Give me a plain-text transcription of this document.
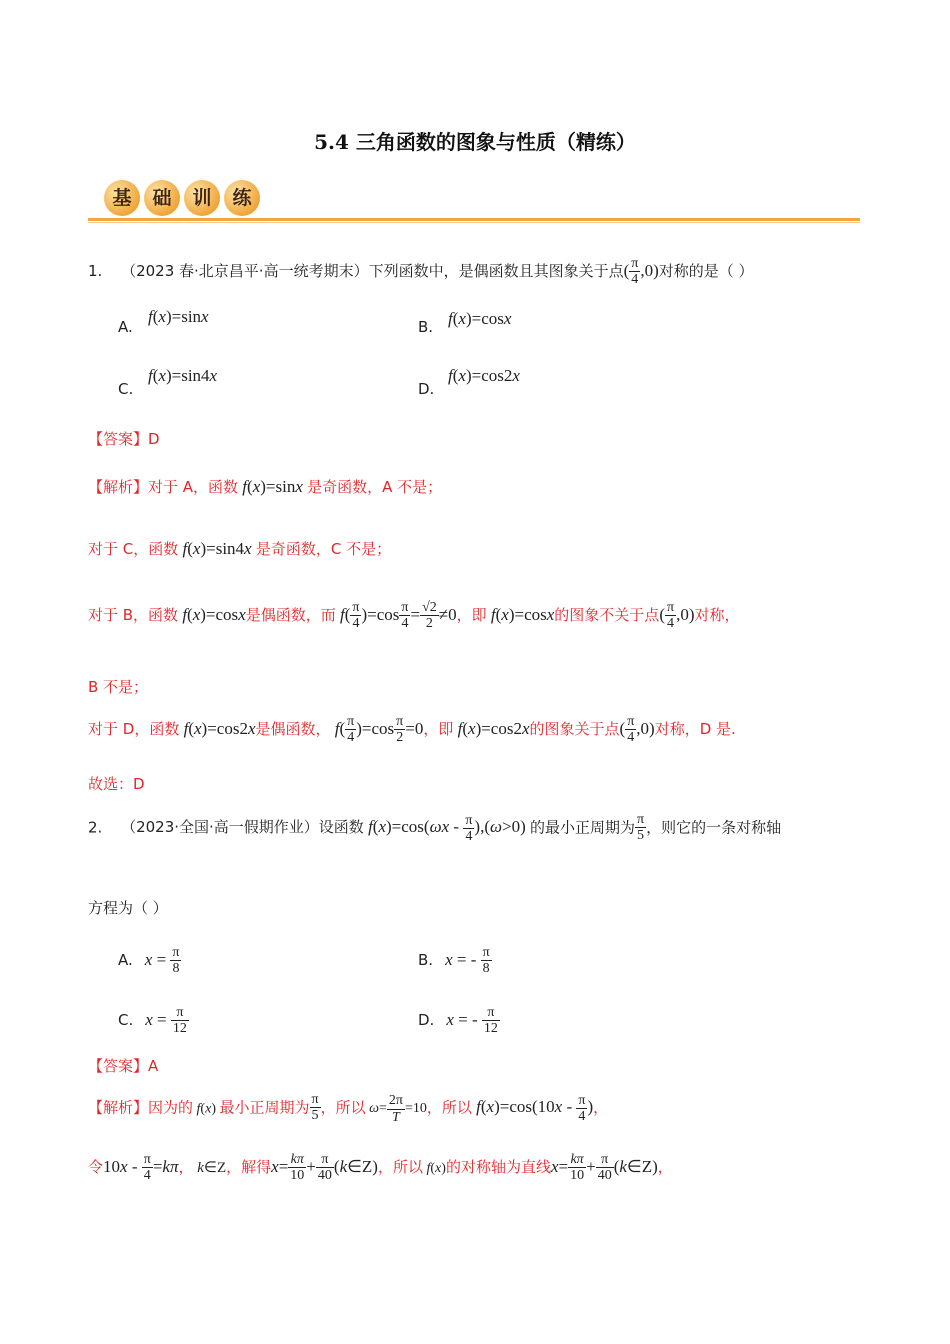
5.4 三角函数的图象与性质（精练）
基	础	训	练
1. （2023 春·北京昌平·高一统考期末）下列函数中，是偶函数且其图象关于点( $\frac{\pi}{4} ,0$)对称的是（ ）
A.
f(x)=sinx
B. f(x)=cosx
C.
f(x)=sin4x
D.
f(x)=cos2x
【答案】D
【解析】对于 A，函数 f(x)=sinx 是奇函数，A 不是；
对于 C，函数 f(x)=sin4x 是奇函数，C 不是；
对于 B，函数 f(x)=cosx是偶函数，而 $f( \frac{\pi}{4} )=\cos \frac{\pi}{4} = \frac{√2}{2} \ne 0$，即 f(x)=cosx的图象不关于点( $\frac{\pi}{4} ,0$)对称，
B 不是；
对于 D，函数 f(x)=cos2x是偶函数， $f( \frac{\pi}{4} )=\cos \frac{\pi}{2} =0$，即 f(x)=cos2x的图象关于点( $\frac{\pi}{4} ,0$)对称，D 是.
故选：D
2. （2023·全国·高一假期作业）设函数 $f(x)=\cos(\omega x - \frac{\pi}{4} ),(\omega>0)$ 的最小正周期为 $\frac{\pi}{5}$ ，则它的一条对称轴
方程为（ ）
A. $x = \frac{\pi}{8}$	B. x = - $\frac{\pi}{8}$
C. $x = \frac{\pi}{12}$	D. x = - $\frac{\pi}{12}$
【答案】A
【解析】因为的 f(x) 最小正周期为 $\frac{\pi}{5}$ ，所以 $\omega= \frac{2\pi}{T} =10$，所以 $f(x)=\cos(10x - \frac{\pi}{4}$ )，
令$10x - \frac{\pi}{4} =k\pi$， k∈Z，解得$x= \frac{k\pi}{10} + \frac{\pi}{40}$ (k∈Z)，所以 f(x)的对称轴为直线$x= \frac{k\pi}{10} + \frac{\pi}{40}$ (k∈Z)，
